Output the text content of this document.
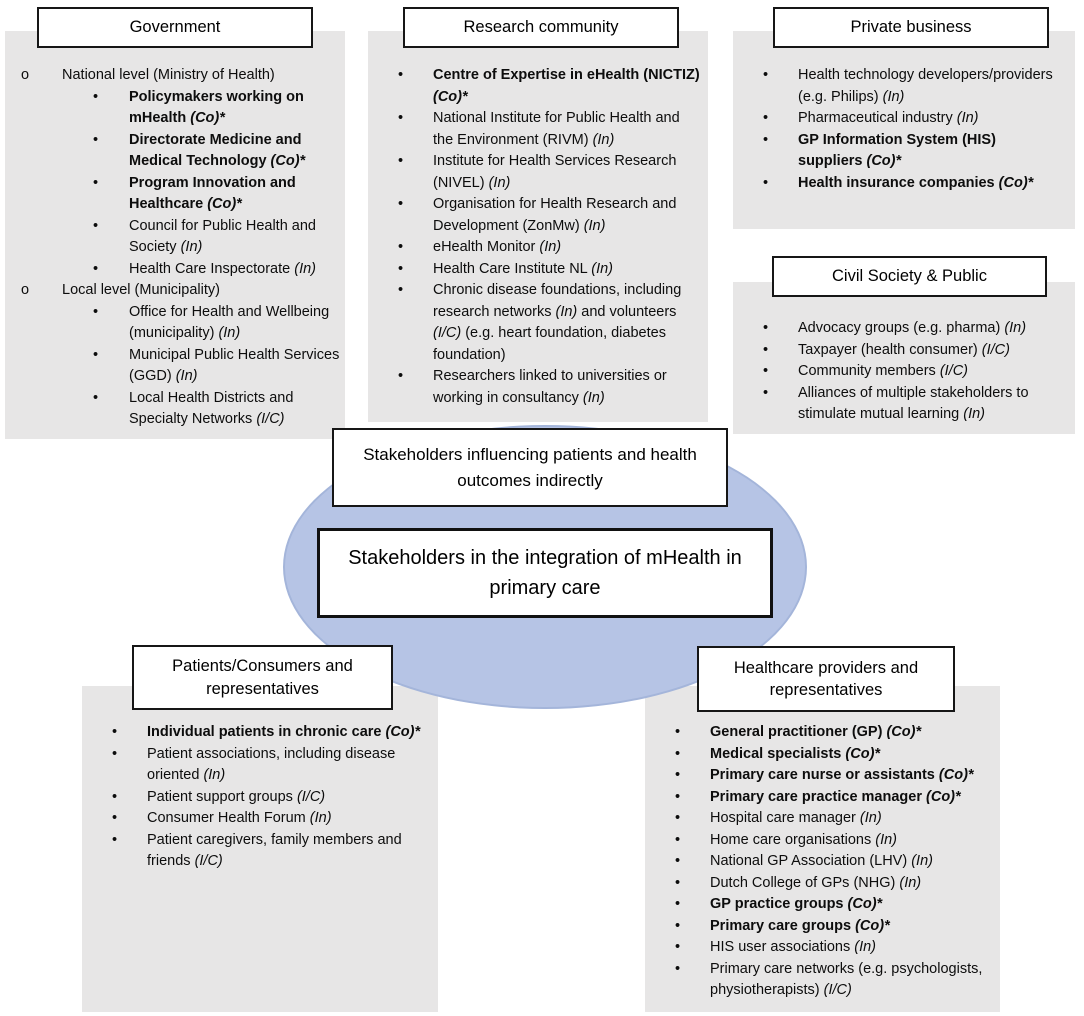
o	National level (Ministry of Health)
•	Policymakers working on mHealth (Co)*
•	Directorate Medicine and Medical Technology (Co)*
•	Program Innovation and Healthcare (Co)*
•	Council for Public Health and Society (In)
•	Health Care Inspectorate (In)
o	Local level (Municipality)
•	Office for Health and Wellbeing (municipality) (In)
•	Municipal Public Health Services (GGD) (In)
•	Local Health Districts and Specialty Networks (I/C)
•	Centre of Expertise in eHealth (NICTIZ) (Co)*
•	National Institute for Public Health and the Environment (RIVM) (In)
•	Institute for Health Services Research (NIVEL) (In)
•	Organisation for Health Research and Development (ZonMw) (In)
•	eHealth Monitor (In)
•	Health Care Institute NL (In)
•	Chronic disease foundations, including research networks (In) and volunteers (I/C) (e.g. heart foundation, diabetes foundation)
•	Researchers linked to universities or working in consultancy (In)
•	Health technology developers/providers (e.g. Philips) (In)
•	Pharmaceutical industry (In)
•	GP Information System (HIS) suppliers (Co)*
•	Health insurance companies (Co)*
•	Advocacy groups (e.g. pharma) (In)
•	Taxpayer (health consumer) (I/C)
•	Community members (I/C)
•	Alliances of multiple stakeholders to stimulate mutual learning (In)
•	Individual patients in chronic care (Co)*
•	Patient associations, including disease oriented (In)
•	Patient support groups (I/C)
•	Consumer Health Forum (In)
•	Patient caregivers, family members and friends (I/C)
•	General practitioner (GP) (Co)*
•	Medical specialists (Co)*
•	Primary care nurse or assistants (Co)*
•	Primary care practice manager (Co)*
•	Hospital care manager (In)
•	Home care organisations (In)
•	National GP Association (LHV) (In)
•	Dutch College of GPs (NHG) (In)
•	GP practice groups (Co)*
•	Primary care groups (Co)*
•	HIS user associations (In)
•	Primary care networks (e.g. psychologists, physiotherapists) (I/C)
Government	Research community	Private business
Civil Society & Public
Patients/Consumers and representatives
Healthcare providers and representatives
Stakeholders influencing patients and health outcomes indirectly
Stakeholders in the integration of mHealth in primary care
